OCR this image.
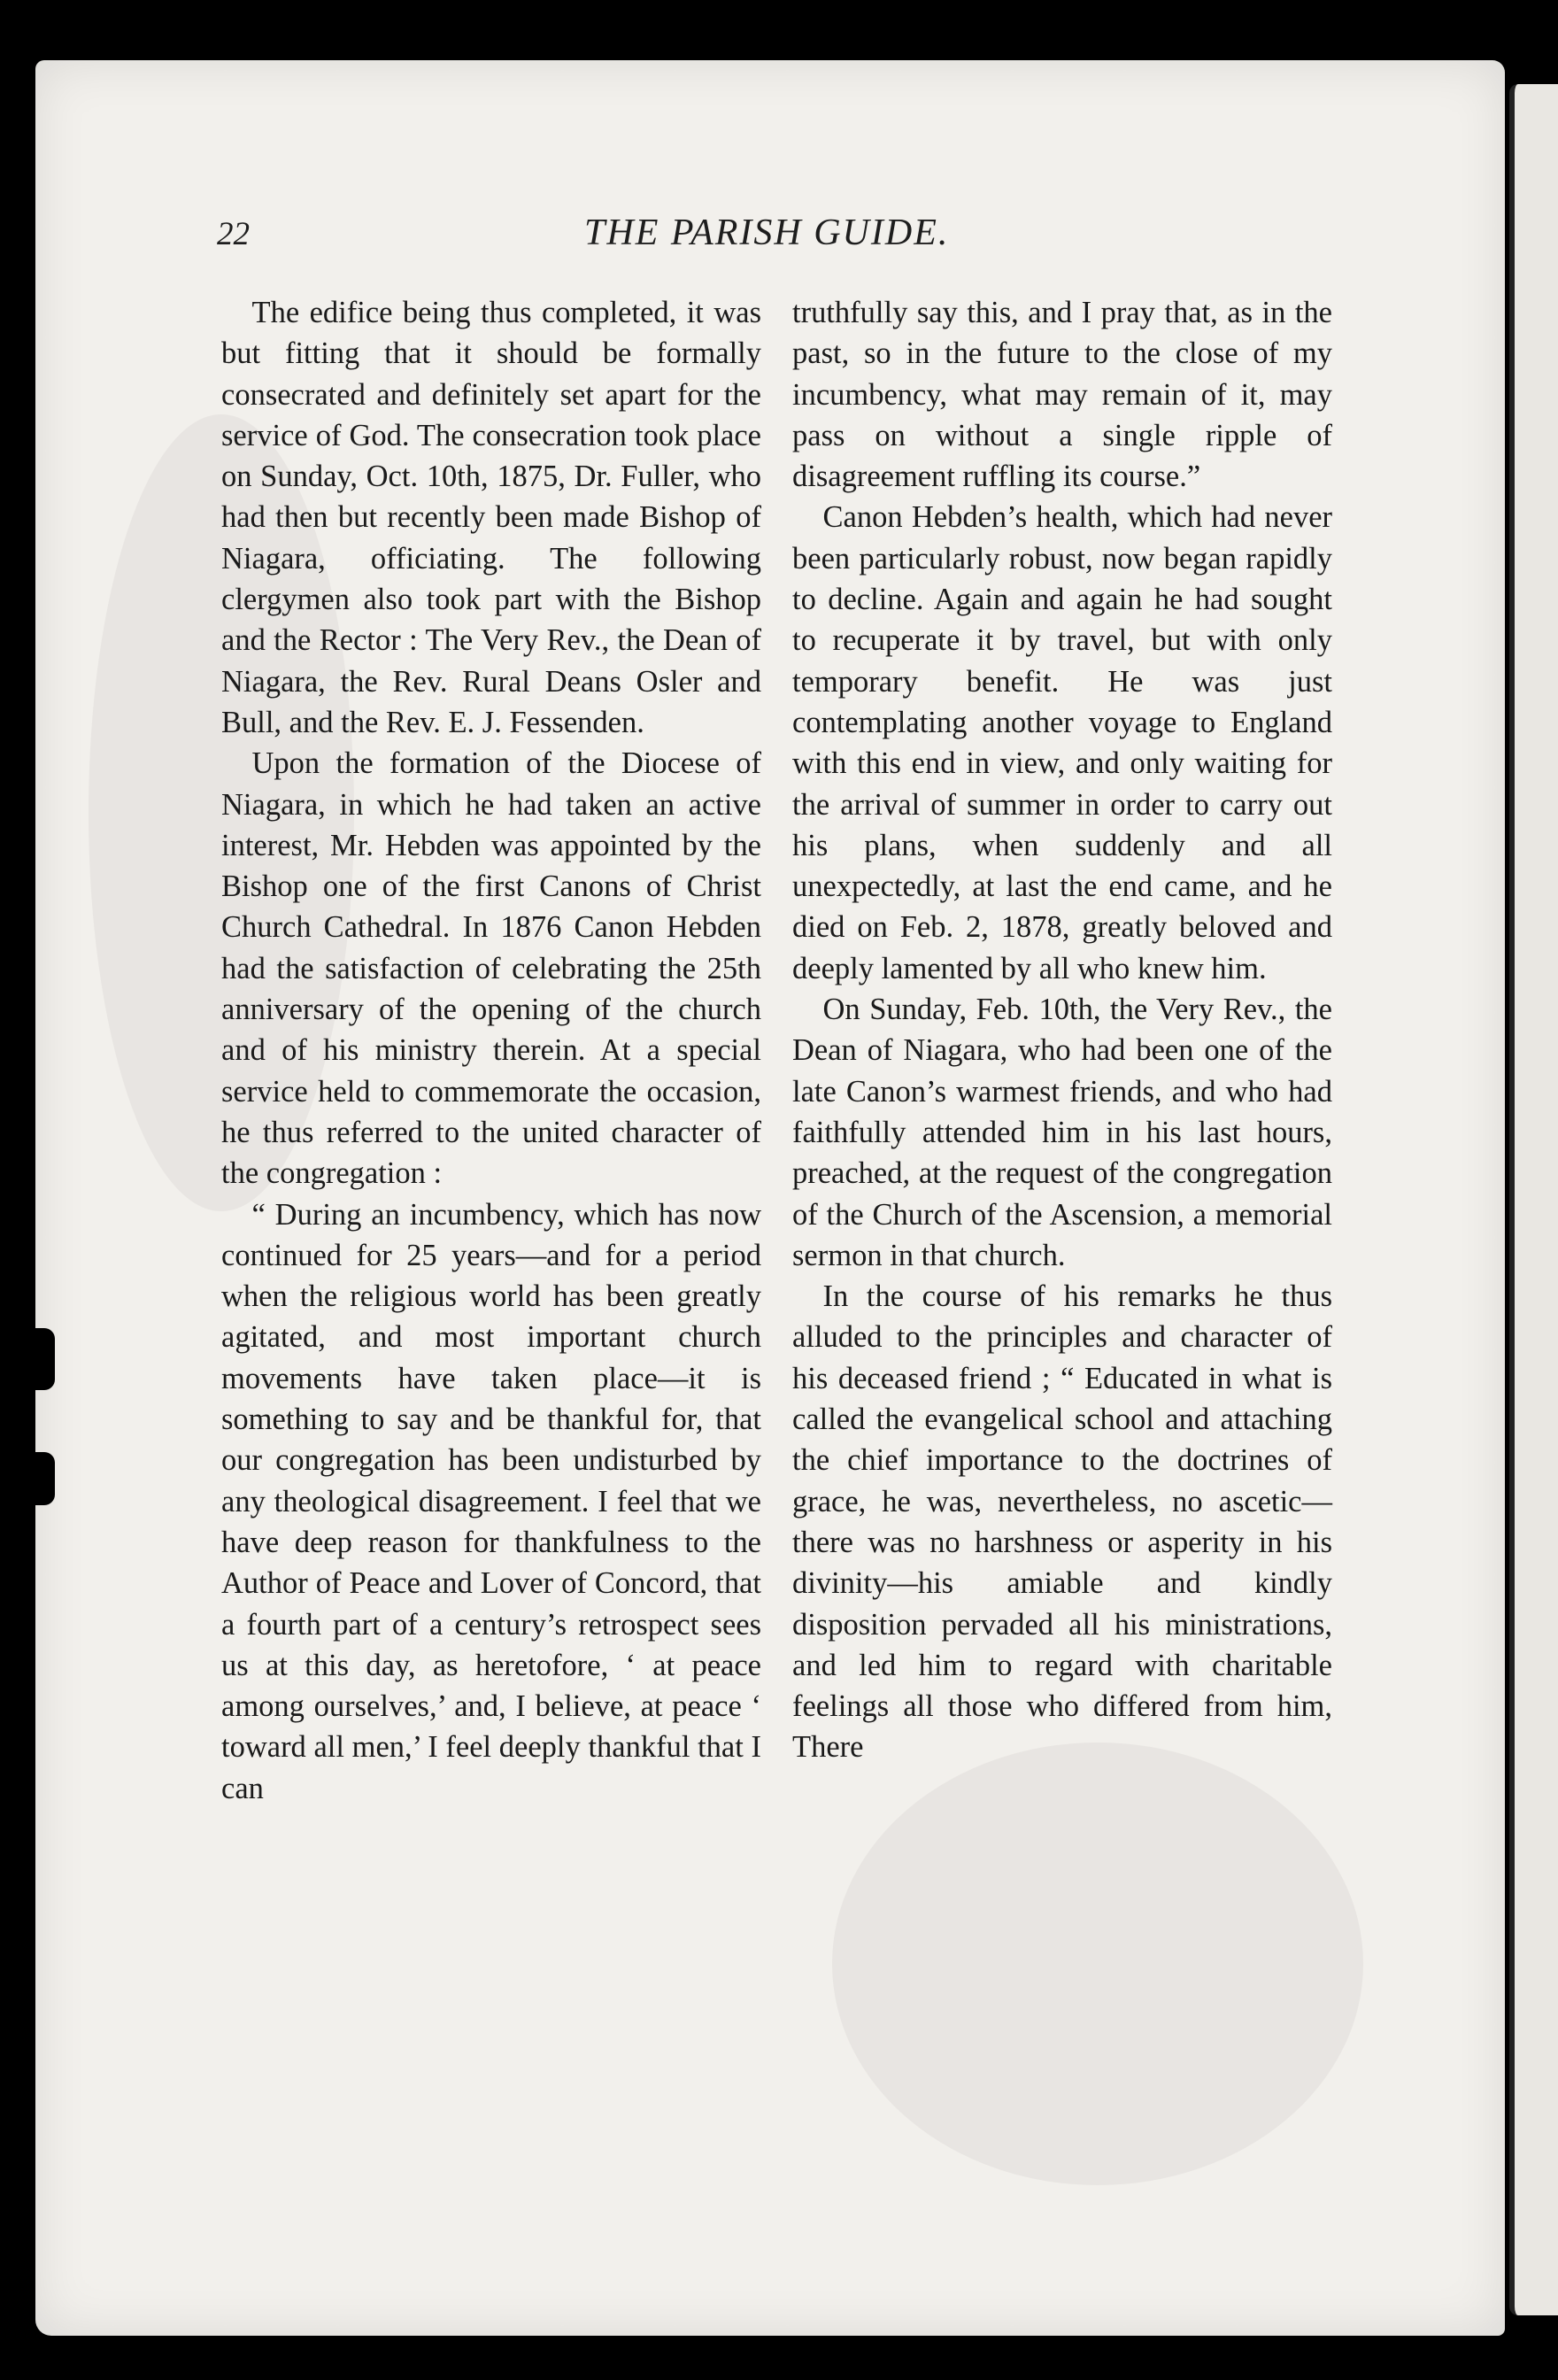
22	THE PARISH GUIDE.

The edifice being thus completed, it was but fitting that it should be formally consecrated and definitely set apart for the service of God. The consecration took place on Sunday, Oct. 10th, 1875, Dr. Fuller, who had then but recently been made Bishop of Niagara, officiating. The following clergymen also took part with the Bishop and the Rector : The Very Rev., the Dean of Niagara, the Rev. Rural Deans Osler and Bull, and the Rev. E. J. Fessenden.

Upon the formation of the Diocese of Niagara, in which he had taken an active interest, Mr. Hebden was appointed by the Bishop one of the first Canons of Christ Church Cathedral. In 1876 Canon Hebden had the satisfaction of celebrating the 25th anniversary of the opening of the church and of his ministry therein. At a special service held to commemorate the occasion, he thus referred to the united character of the congregation :

“ During an incumbency, which has now continued for 25 years—and for a period when the religious world has been greatly agitated, and most important church movements have taken place—it is something to say and be thankful for, that our congregation has been undisturbed by any theological disagreement. I feel that we have deep reason for thankfulness to the Author of Peace and Lover of Concord, that a fourth part of a century’s retrospect sees us at this day, as heretofore, ‘ at peace among ourselves,’ and, I believe, at peace ‘ toward all men,’ I feel deeply thankful that I can

truthfully say this, and I pray that, as in the past, so in the future to the close of my incumbency, what may remain of it, may pass on without a single ripple of disagreement ruffling its course.”

Canon Hebden’s health, which had never been particularly robust, now began rapidly to decline. Again and again he had sought to recuperate it by travel, but with only temporary benefit. He was just contemplating another voyage to England with this end in view, and only waiting for the arrival of summer in order to carry out his plans, when suddenly and all unexpectedly, at last the end came, and he died on Feb. 2, 1878, greatly beloved and deeply lamented by all who knew him.

On Sunday, Feb. 10th, the Very Rev., the Dean of Niagara, who had been one of the late Canon’s warmest friends, and who had faithfully attended him in his last hours, preached, at the request of the congregation of the Church of the Ascension, a memorial sermon in that church.

In the course of his remarks he thus alluded to the principles and character of his deceased friend ; “ Educated in what is called the evangelical school and attaching the chief importance to the doctrines of grace, he was, nevertheless, no ascetic—there was no harshness or asperity in his divinity—his amiable and kindly disposition pervaded all his ministrations, and led him to regard with charitable feelings all those who differed from him, There
